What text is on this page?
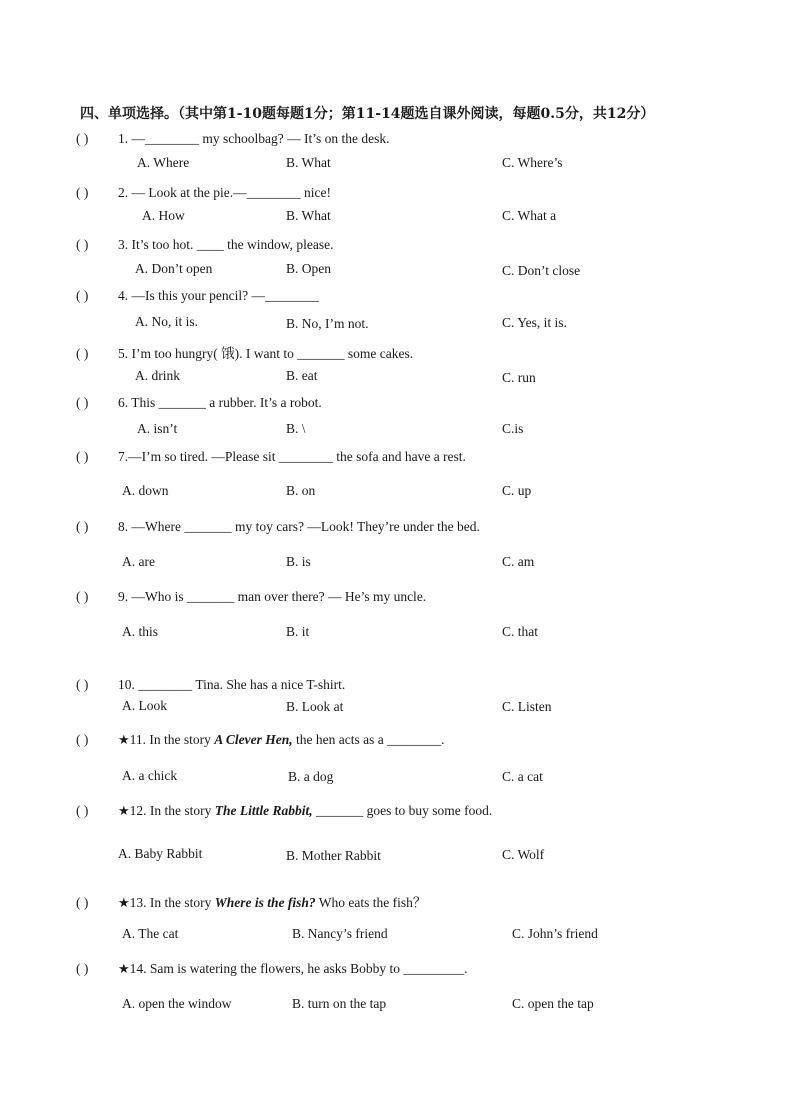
四、单项选择。（其中第1-10题每题1分；第11-14题选自课外阅读，每题0.5分，共12分）
( ) 1. —________ my schoolbag? — It’s on the desk.
A. Where	B. What	C. Where’s
( ) 2. — Look at the pie.—________ nice!
A. How	B. What	C. What a
( ) 3. It’s too hot. ____ the window, please.
A. Don’t open	B. Open	C. Don’t close
( ) 4. —Is this your pencil? —________
A. No, it is.	B. No, I’m not.	C. Yes, it is.
( ) 5. I’m too hungry( 饿). I want to _______ some cakes.
A. drink	B. eat	C. run
( ) 6. This _______ a rubber. It’s a robot.
A. isn’t	B. \	C.is
( ) 7.—I’m so tired. —Please sit ________ the sofa and have a rest.
A. down	B. on	C. up
( ) 8. —Where _______ my toy cars? —Look! They’re under the bed.
A. are	B. is	C. am
( ) 9. —Who is _______ man over there? — He’s my uncle.
A. this	B. it	C. that
( ) 10. ________ Tina. She has a nice T-shirt.
A. Look	B. Look at	C. Listen
( ) ★11. In the story A Clever Hen, the hen acts as a ________.
A. a chick	B. a dog	C. a cat
( ) ★12. In the story The Little Rabbit, _______ goes to buy some food.
A. Baby Rabbit	B. Mother Rabbit	C. Wolf
( ) ★13. In the story Where is the fish? Who eats the fish？
A. The cat	B. Nancy’s friend	C. John’s friend
( ) ★14. Sam is watering the flowers, he asks Bobby to _________.
A. open the window	B. turn on the tap	C. open the tap
